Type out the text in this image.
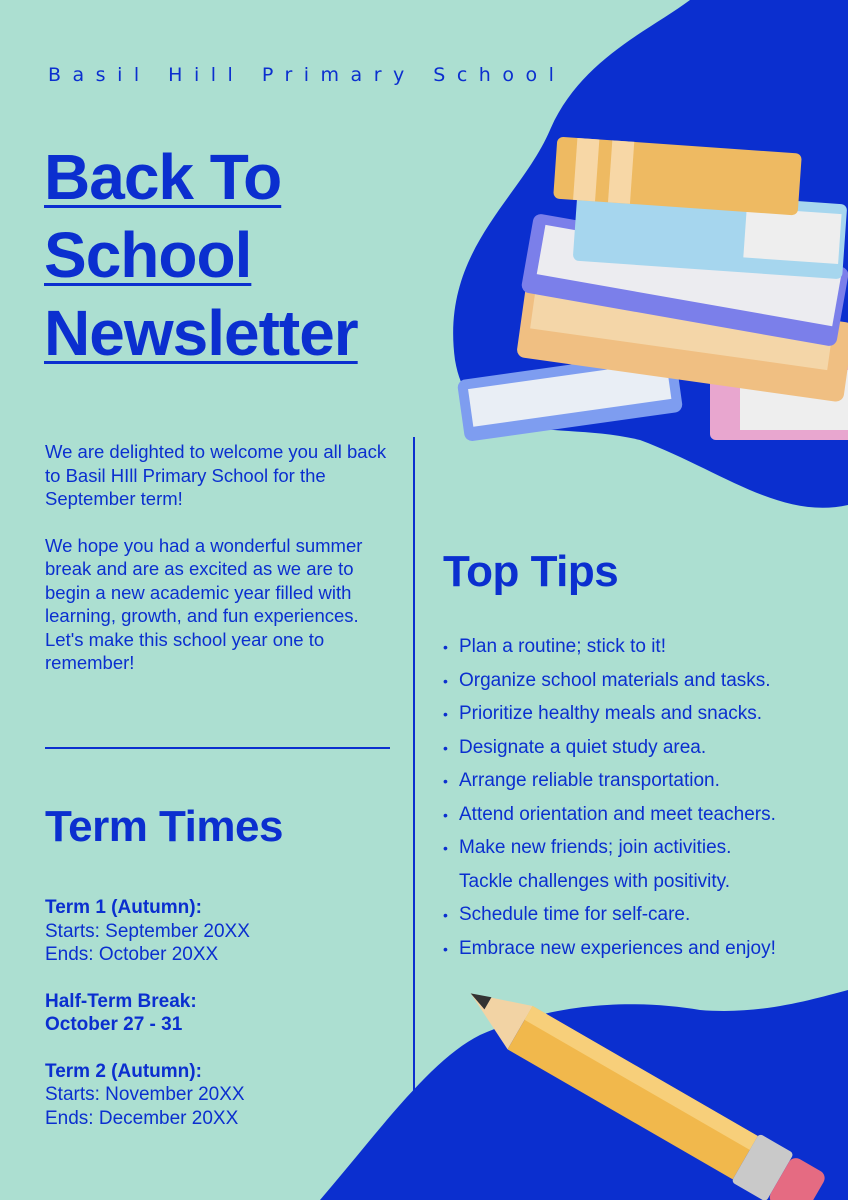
Basil Hill Primary School
Back To
School
Newsletter

We are delighted to welcome you all back to Basil HIll Primary School for the September term!

We hope you had a wonderful summer break and are as excited as we are to begin a new academic year filled with learning, growth, and fun experiences. Let's make this school year one to remember!

Term Times
Term 1 (Autumn):
Starts: September 20XX
Ends: October 20XX
Half-Term Break:
October 27 - 31
Term 2 (Autumn):
Starts: November 20XX
Ends: December 20XX
Top Tips
• Plan a routine; stick to it!
• Organize school materials and tasks.
• Prioritize healthy meals and snacks.
• Designate a quiet study area.
• Arrange reliable transportation.
• Attend orientation and meet teachers.
• Make new friends; join activities.
Tackle challenges with positivity.
• Schedule time for self-care.
• Embrace new experiences and enjoy!
